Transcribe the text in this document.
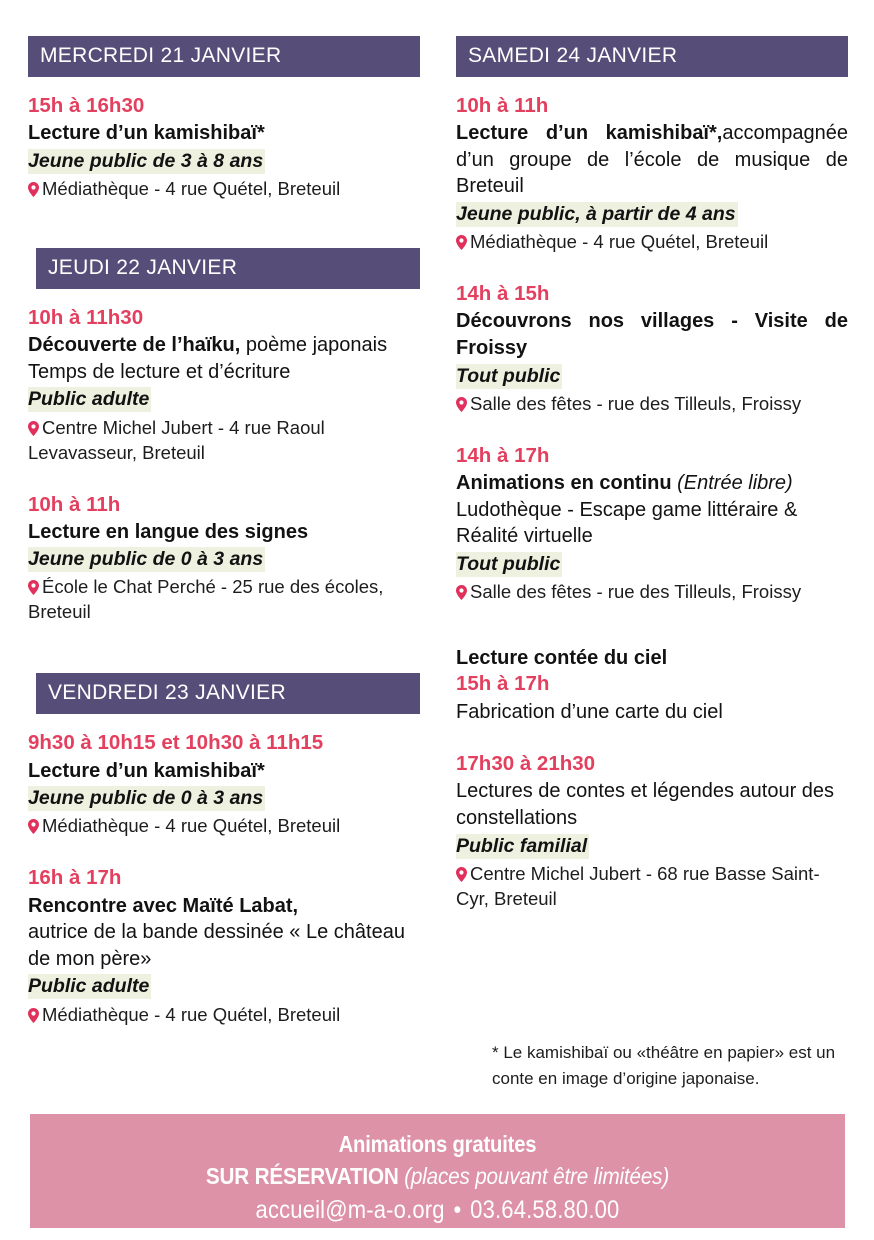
MERCREDI 21 JANVIER
15h à 16h30
Lecture d’un kamishibaï*
Jeune public de 3 à 8 ans
Médiathèque - 4 rue Quétel, Breteuil
JEUDI 22 JANVIER
10h à 11h30
Découverte de l’haïku, poème japonais
Temps de lecture et d’écriture
Public adulte
Centre Michel Jubert - 4 rue Raoul Levavasseur, Breteuil
10h à 11h
Lecture en langue des signes
Jeune public de 0 à 3 ans
École le Chat Perché - 25 rue des écoles, Breteuil
VENDREDI 23 JANVIER
9h30 à 10h15 et 10h30 à 11h15
Lecture d’un kamishibaï*
Jeune public de 0 à 3 ans
Médiathèque - 4 rue Quétel, Breteuil
16h à 17h
Rencontre avec Maïté Labat,
autrice de la bande dessinée « Le château de mon père»
Public adulte
Médiathèque - 4 rue Quétel, Breteuil
SAMEDI 24 JANVIER
10h à 11h
Lecture d’un kamishibaï*,accompagnée d’un groupe de l’école de musique de Breteuil
Jeune public, à partir de 4 ans
Médiathèque - 4 rue Quétel, Breteuil
14h à 15h
Découvrons nos villages - Visite de Froissy
Tout public
Salle des fêtes - rue des Tilleuls, Froissy
14h à 17h
Animations en continu (Entrée libre)
Ludothèque - Escape game littéraire & Réalité virtuelle
Tout public
Salle des fêtes - rue des Tilleuls, Froissy
Lecture contée du ciel
15h à 17h
Fabrication d’une carte du ciel
17h30 à 21h30
Lectures de contes et légendes autour des constellations
Public familial
Centre Michel Jubert - 68 rue Basse Saint-Cyr, Breteuil
* Le kamishibaï ou «théâtre en papier» est un conte en image d’origine japonaise.
Animations gratuites
SUR RÉSERVATION (places pouvant être limitées)
accueil@m-a-o.org • 03.64.58.80.00
